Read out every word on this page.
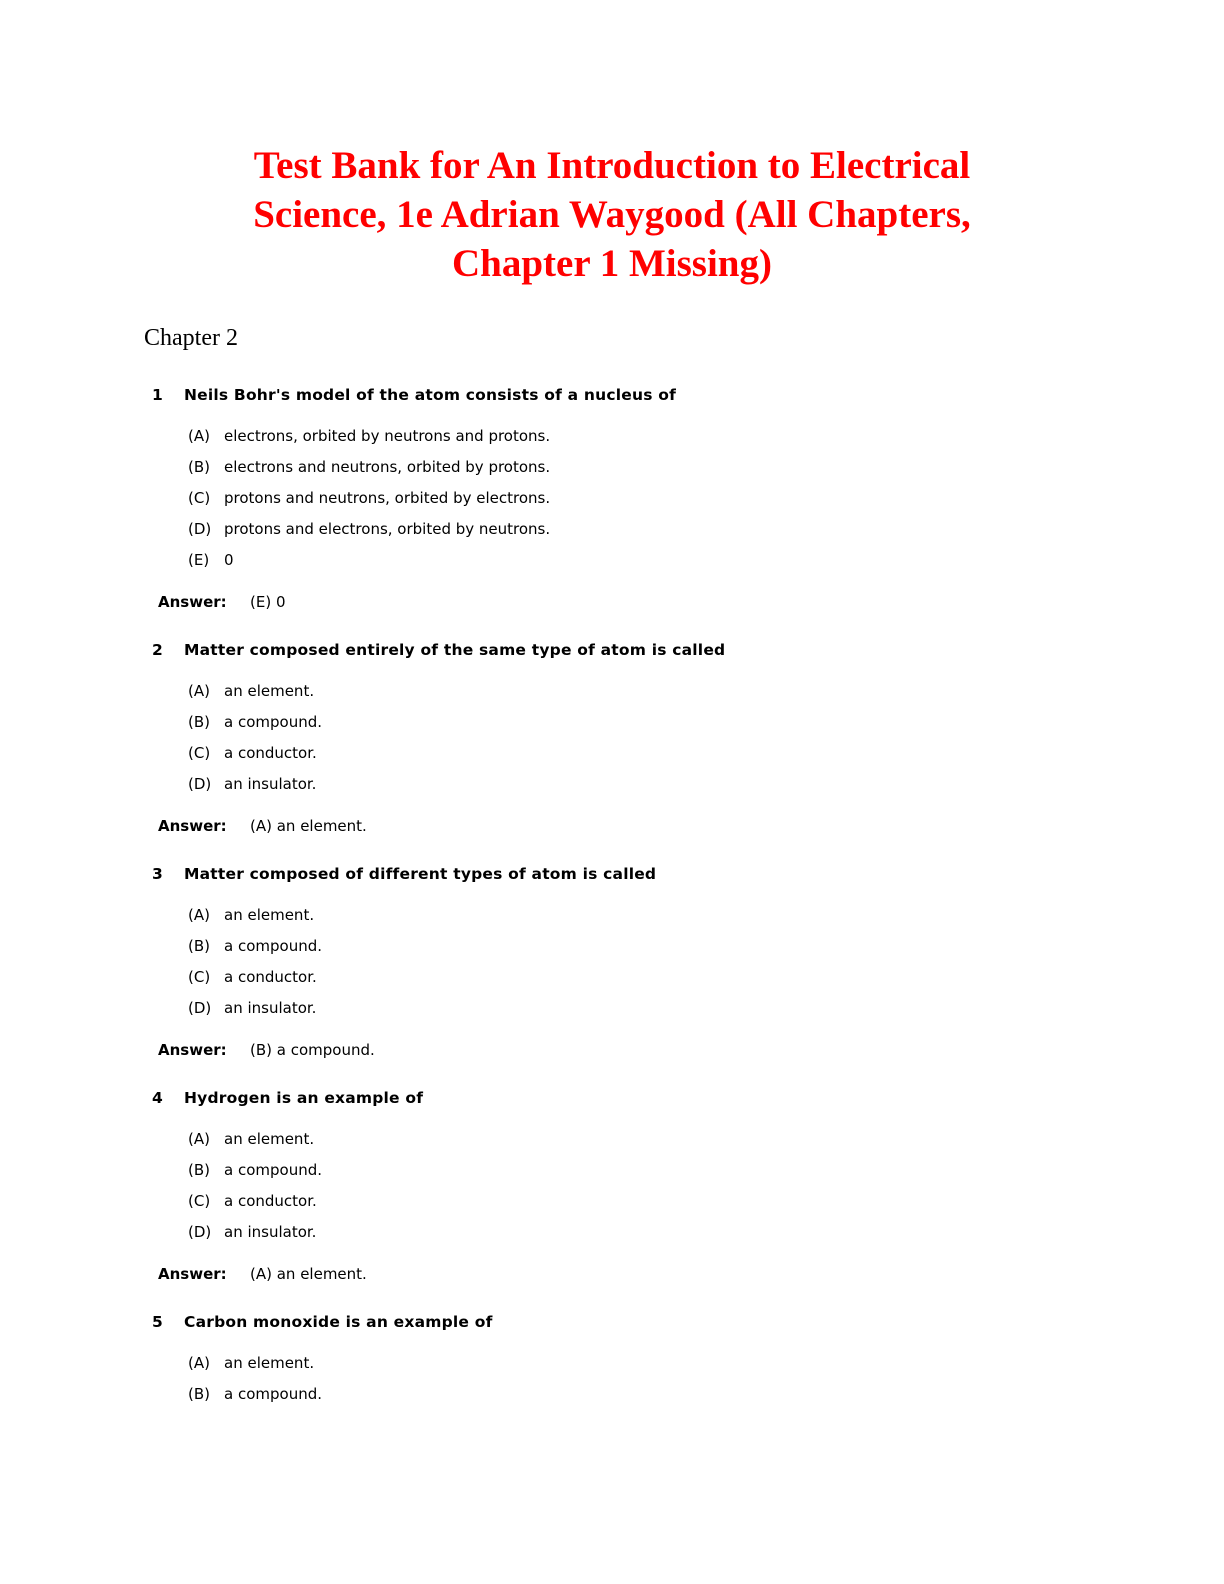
Test Bank for An Introduction to Electrical
Science, 1e Adrian Waygood (All Chapters,
Chapter 1 Missing)
Chapter 2
1	Neils Bohr's model of the atom consists of a nucleus of
(A) electrons, orbited by neutrons and protons.
(B) electrons and neutrons, orbited by protons.
(C) protons and neutrons, orbited by electrons.
(D) protons and electrons, orbited by neutrons.
(E) 0
Answer:	(E) 0
2	Matter composed entirely of the same type of atom is called
(A) an element.
(B) a compound.
(C) a conductor.
(D) an insulator.
Answer:	(A) an element.
3	Matter composed of different types of atom is called
(A) an element.
(B) a compound.
(C) a conductor.
(D) an insulator.
Answer:	(B) a compound.
4	Hydrogen is an example of
(A) an element.
(B) a compound.
(C) a conductor.
(D) an insulator.
Answer:	(A) an element.
5	Carbon monoxide is an example of
(A) an element.
(B) a compound.
